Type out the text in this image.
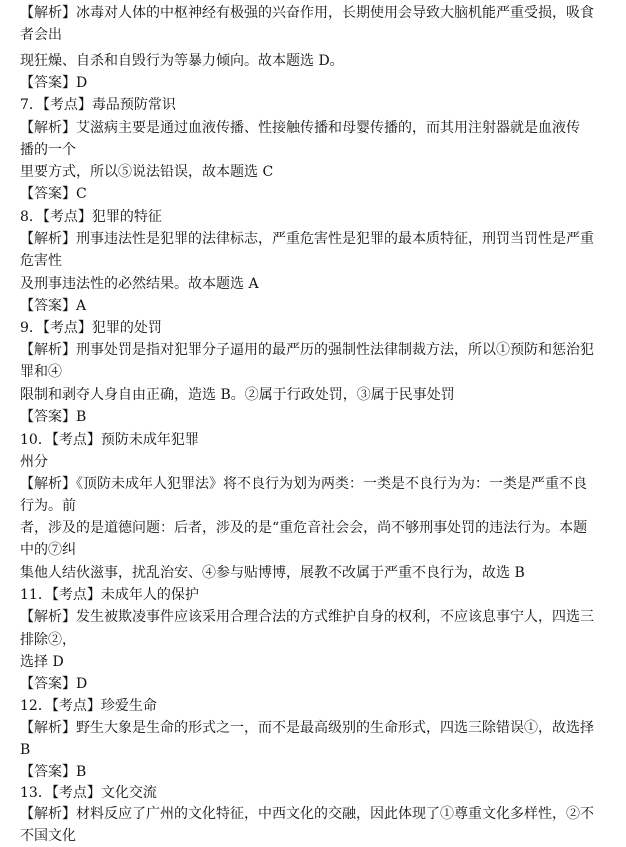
【解析】冰毒对人体的中枢神经有极强的兴奋作用，长期使用会导致大脑机能严重受损，吸食
者会出
现狂燥、自杀和自毁行为等暴力倾向。故本题选 D。
【答案】D
7．【考点】毒品预防常识
【解析】艾滋病主要是通过血液传播、性接触传播和母婴传播的，而其用注射器就是血液传
播的一个
里要方式，所以⑤说法铅误，故本题选 C
【答案】C
8．【考点】犯罪的特征
【解析】刑事违法性是犯罪的法律标志，严重危害性是犯罪的最本质特征，刑罚当罚性是严重
危害性
及刑事违法性的必然结果。故本题选 A
【答案】A
9．【考点】犯罪的处罚
【解析】刑事处罚是指对犯罪分子逼用的最严历的强制性法律制裁方法，所以①预防和惩治犯
罪和④
限制和剥夺人身自由正确，造选 B。②属于行政处罚，③属于民事处罚
【答案】B
10．【考点】预防未成年犯罪
州分
【解析】《顶防未成年人犯罪法》将不良行为划为两类：一类是不良行为为：一类是严重不良
行为。前
者，涉及的是道德问题：后者，涉及的是“重危音社会会，尚不够刑事处罚的违法行为。本题
中的⑦纠
集他人结伙滋事，扰乱治安、④参与贴博博，展教不改属于严重不良行为，故选 B
11．【考点】未成年人的保护
【解析】发生被欺凌事件应该采用合理合法的方式维护自身的权利，不应该息事宁人，四选三
排除②，
选择 D
【答案】D
12．【考点】珍爱生命
【解析】野生大象是生命的形式之一，而不是最高级别的生命形式，四选三除错误①，故选择
B
【答案】B
13．【考点】文化交流
【解析】材料反应了广州的文化特征，中西文化的交融，因此体现了①尊重文化多样性，②不
不国文化
